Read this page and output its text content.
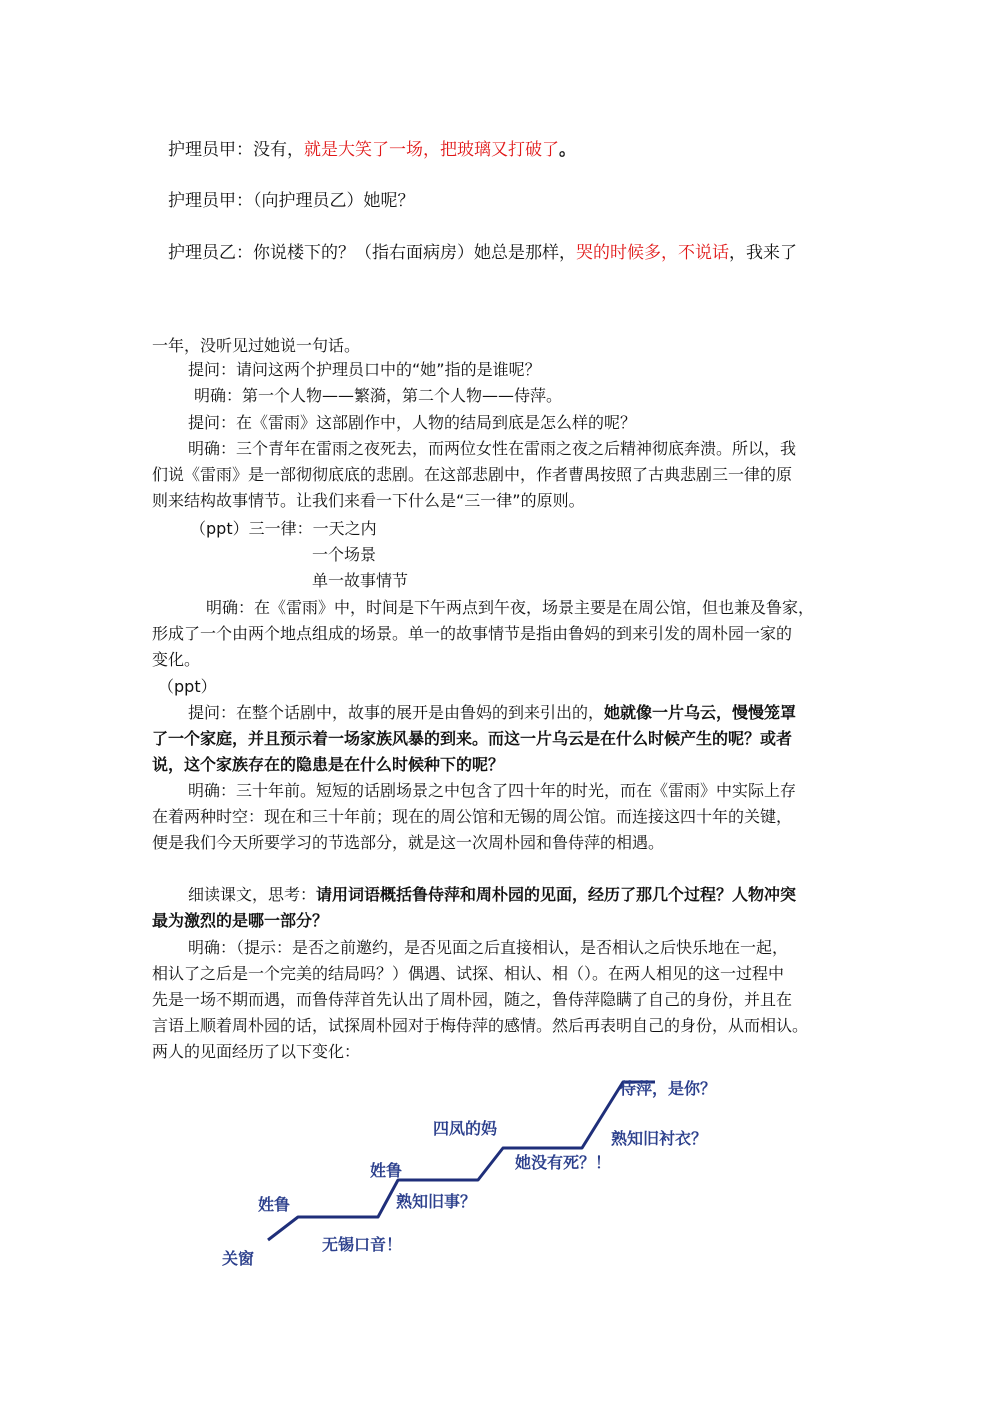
护理员甲：没有，就是大笑了一场，把玻璃又打破了。
护理员甲：（向护理员乙）她呢？
护理员乙：你说楼下的？（指右面病房）她总是那样，哭的时候多，不说话，我来了
一年，没听见过她说一句话。
提问：请问这两个护理员口中的“她”指的是谁呢？
明确：第一个人物——繁漪，第二个人物——侍萍。
提问：在《雷雨》这部剧作中，人物的结局到底是怎么样的呢？
明确：三个青年在雷雨之夜死去，而两位女性在雷雨之夜之后精神彻底奔溃。所以，我
们说《雷雨》是一部彻彻底底的悲剧。在这部悲剧中，作者曹禺按照了古典悲剧三一律的原
则来结构故事情节。让我们来看一下什么是“三一律”的原则。
（ppt）三一律：一天之内
一个场景
单一故事情节
明确：在《雷雨》中，时间是下午两点到午夜，场景主要是在周公馆，但也兼及鲁家，
形成了一个由两个地点组成的场景。单一的故事情节是指由鲁妈的到来引发的周朴园一家的
变化。
（ppt）
提问：在整个话剧中，故事的展开是由鲁妈的到来引出的，她就像一片乌云，慢慢笼罩
了一个家庭，并且预示着一场家族风暴的到来。而这一片乌云是在什么时候产生的呢？或者
说，这个家族存在的隐患是在什么时候种下的呢？
明确：三十年前。短短的话剧场景之中包含了四十年的时光，而在《雷雨》中实际上存
在着两种时空：现在和三十年前；现在的周公馆和无锡的周公馆。而连接这四十年的关键，
便是我们今天所要学习的节选部分，就是这一次周朴园和鲁侍萍的相遇。
细读课文，思考：请用词语概括鲁侍萍和周朴园的见面，经历了那几个过程？人物冲突
最为激烈的是哪一部分？
明确：（提示：是否之前邀约，是否见面之后直接相认，是否相认之后快乐地在一起，
相认了之后是一个完美的结局吗？）偶遇、试探、相认、相（）。在两人相见的这一过程中
先是一场不期而遇，而鲁侍萍首先认出了周朴园，随之，鲁侍萍隐瞒了自己的身份，并且在
言语上顺着周朴园的话，试探周朴园对于梅侍萍的感情。然后再表明自己的身份，从而相认。
两人的见面经历了以下变化：
关窗
姓鲁
无锡口音！
姓鲁
熟知旧事？
四凤的妈
她没有死？！
侍萍，是你？
熟知旧衬衣？
